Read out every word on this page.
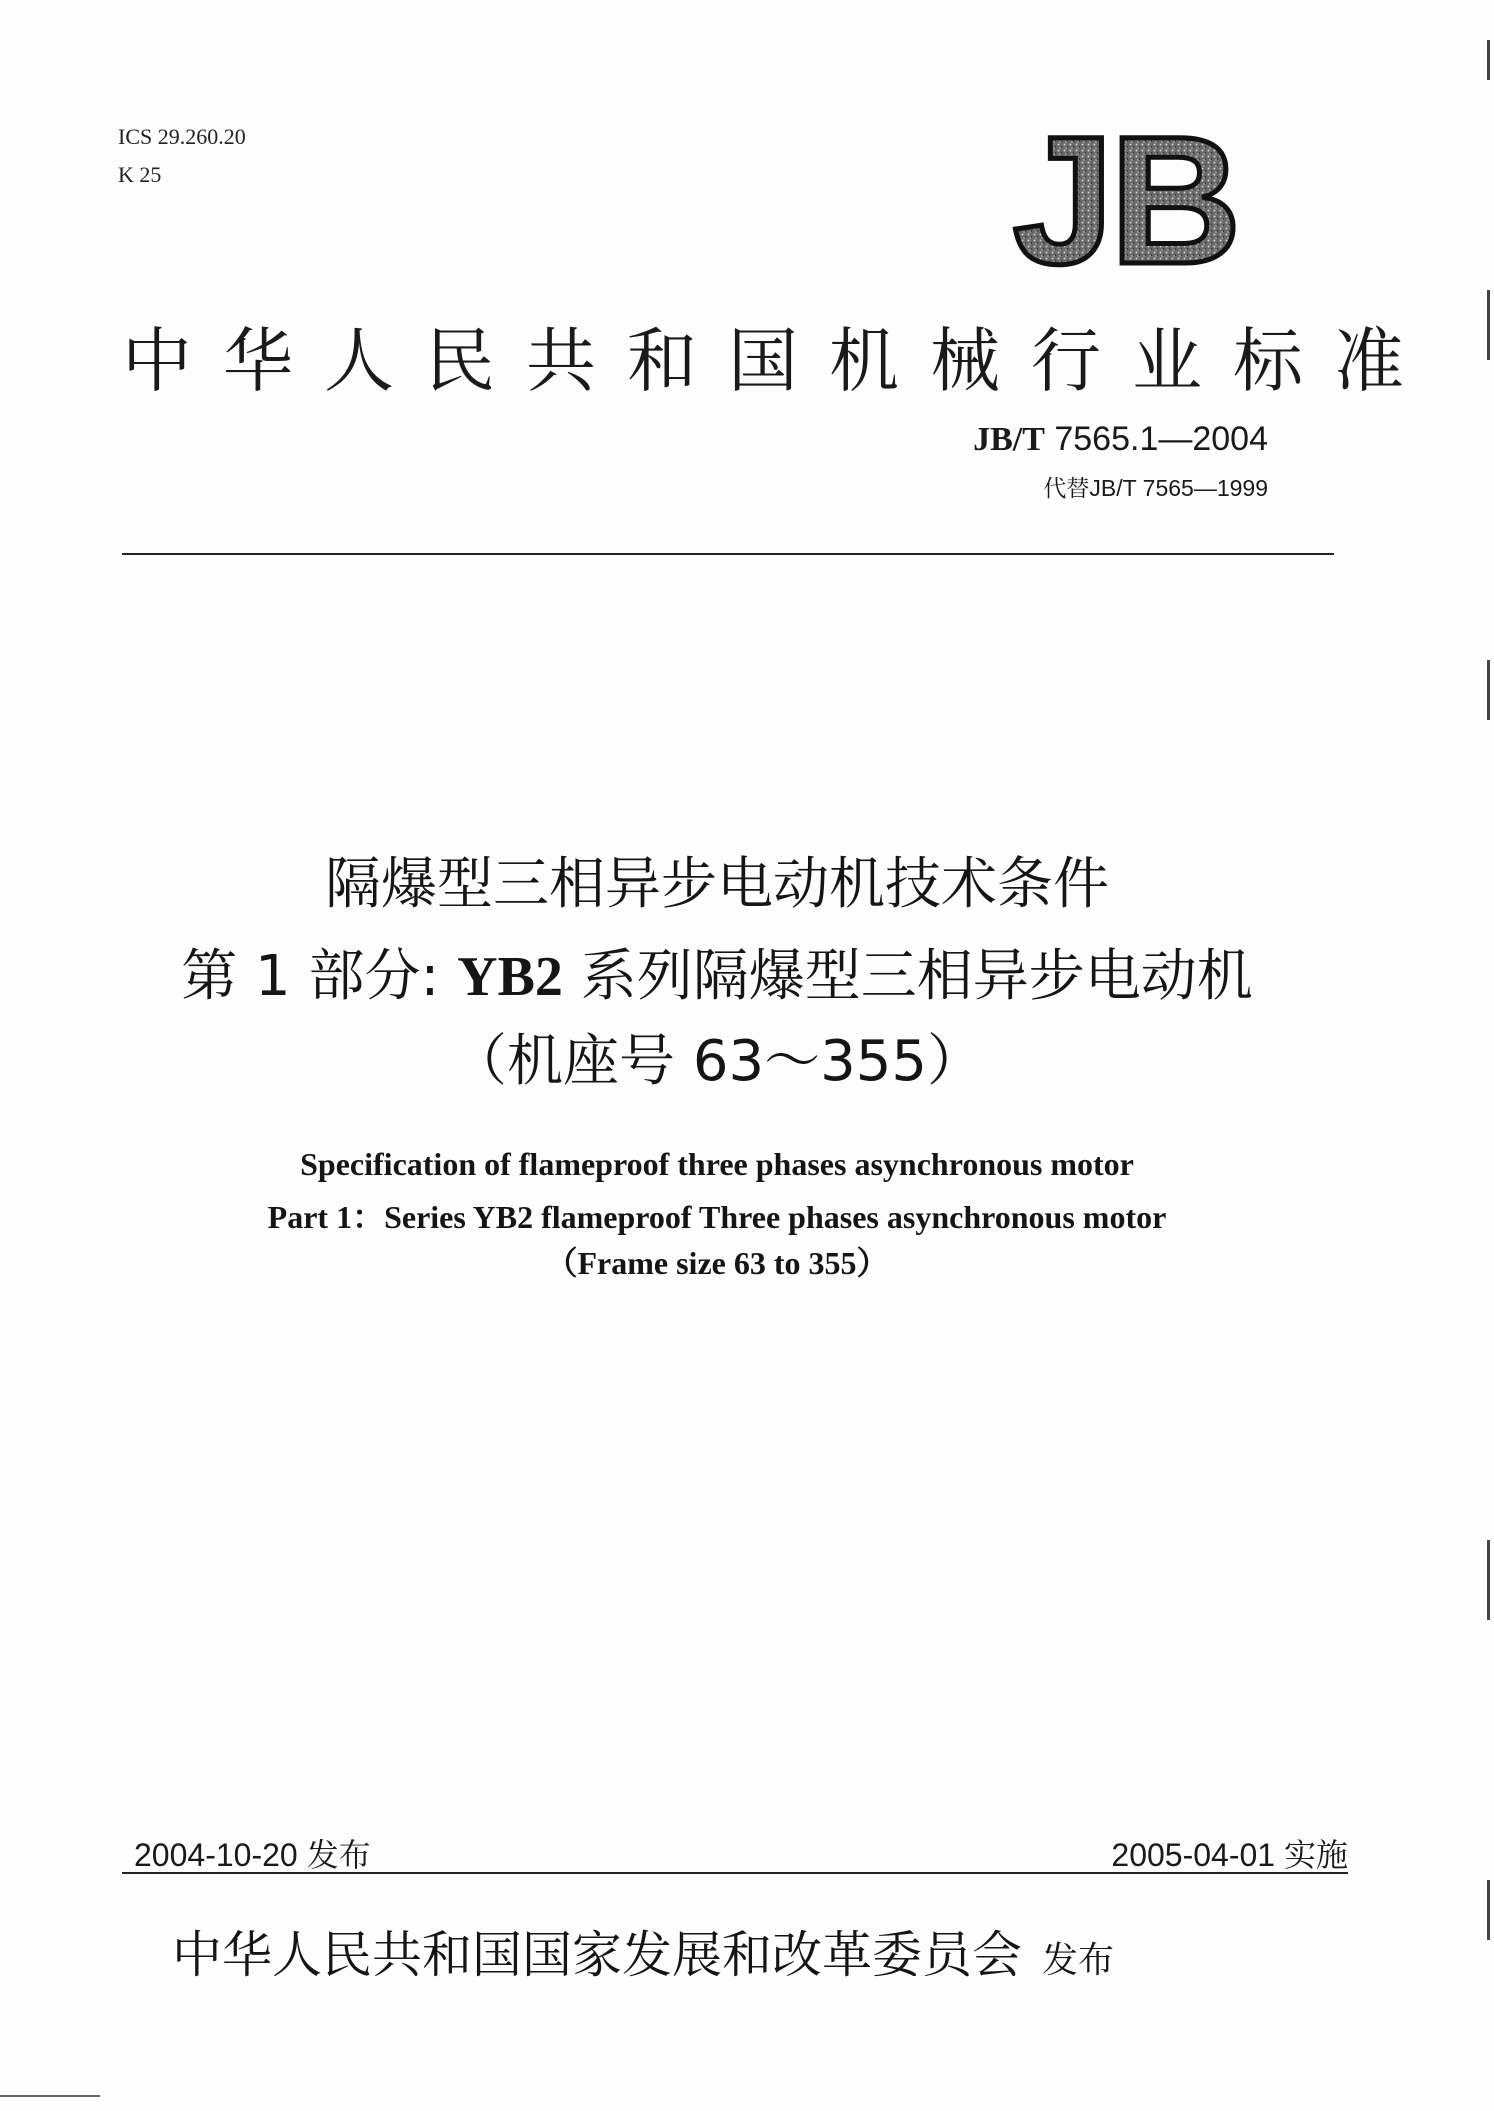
ICS 29.260.20
K 25	JB
中华人民共和国机械行业标准
JB/T 7565.1—2004
代替JB/T 7565—1999
隔爆型三相异步电动机技术条件
第 1 部分: YB2 系列隔爆型三相异步电动机
（机座号 63～355）
Specification of flameproof three phases asynchronous motor
Part 1：Series YB2 flameproof Three phases asynchronous motor
（Frame size 63 to 355）
2004-10-20 发布	2005-04-01 实施
中华人民共和国国家发展和改革委员会 发布
